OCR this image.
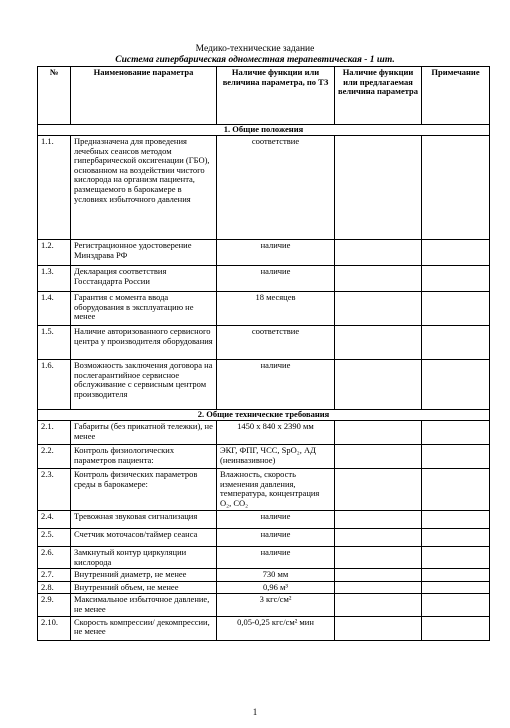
Медико-технические задание
Система гипербарическая одноместная терапевтическая - 1 шт.
№	Наименование параметра	Наличие функции или величина параметра, по ТЗ	Наличие функции или предлагаемая величина параметра	Примечание
1. Общие положения				
1.1.	Предназначена для проведения лечебных сеансов методом гипербарической оксигенации (ГБО), основанном на воздействии чистого кислорода на организм пациента, размещаемого в барокамере в условиях избыточного давления	соответствие		
1.2.	Регистрационное удостоверение Минздрава РФ	наличие		
1.3.	Декларация соответствия Госстандарта России	наличие		
1.4.	Гарантия с момента ввода оборудования в эксплуатацию не менее	18 месяцев		
1.5.	Наличие авторизованного сервисного центра у производителя оборудования	соответствие		
1.6.	Возможность заключения договора на послегарантийное сервисное обслуживание с сервисным центром производителя	наличие		
2. Общие технические требования				
2.1.	Габариты (без прикатной тележки), не менее	1450 х 840 х 2390 мм		
2.2.	Контроль физиологических параметров пациента:	ЭКГ, ФПГ, ЧСС, SpO₂, АД (неинвазивное)		
2.3.	Контроль физических параметров среды в барокамере:	Влажность, скорость изменения давления, температура, концентрация O₂, CO₂		
2.4.	Тревожная звуковая сигнализация	наличие		
2.5.	Счетчик моточасов/таймер сеанса	наличие		
2.6.	Замкнутый контур циркуляции кислорода	наличие		
2.7.	Внутренний диаметр, не менее	730 мм		
2.8.	Внутренний объем, не менее	0,96 м³		
2.9.	Максимальное избыточное давление, не менее	3 кгс/см²		
2.10.	Скорость компрессии/ декомпрессии, не менее	0,05-0,25 кгс/см² мин		
1
